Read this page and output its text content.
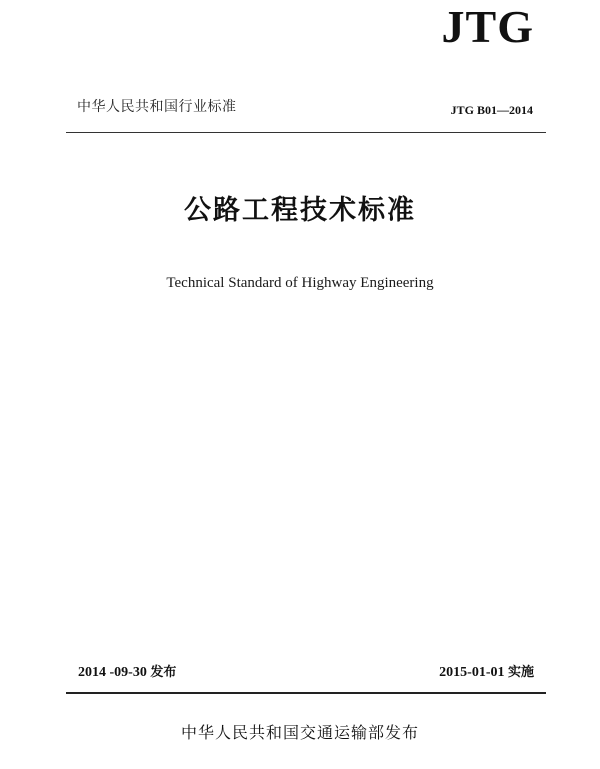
JTG
中华人民共和国行业标准	JTG B01—2014
公路工程技术标准
Technical Standard of Highway Engineering
2014 -09-30 发布	2015-01-01 实施
中华人民共和国交通运输部发布
